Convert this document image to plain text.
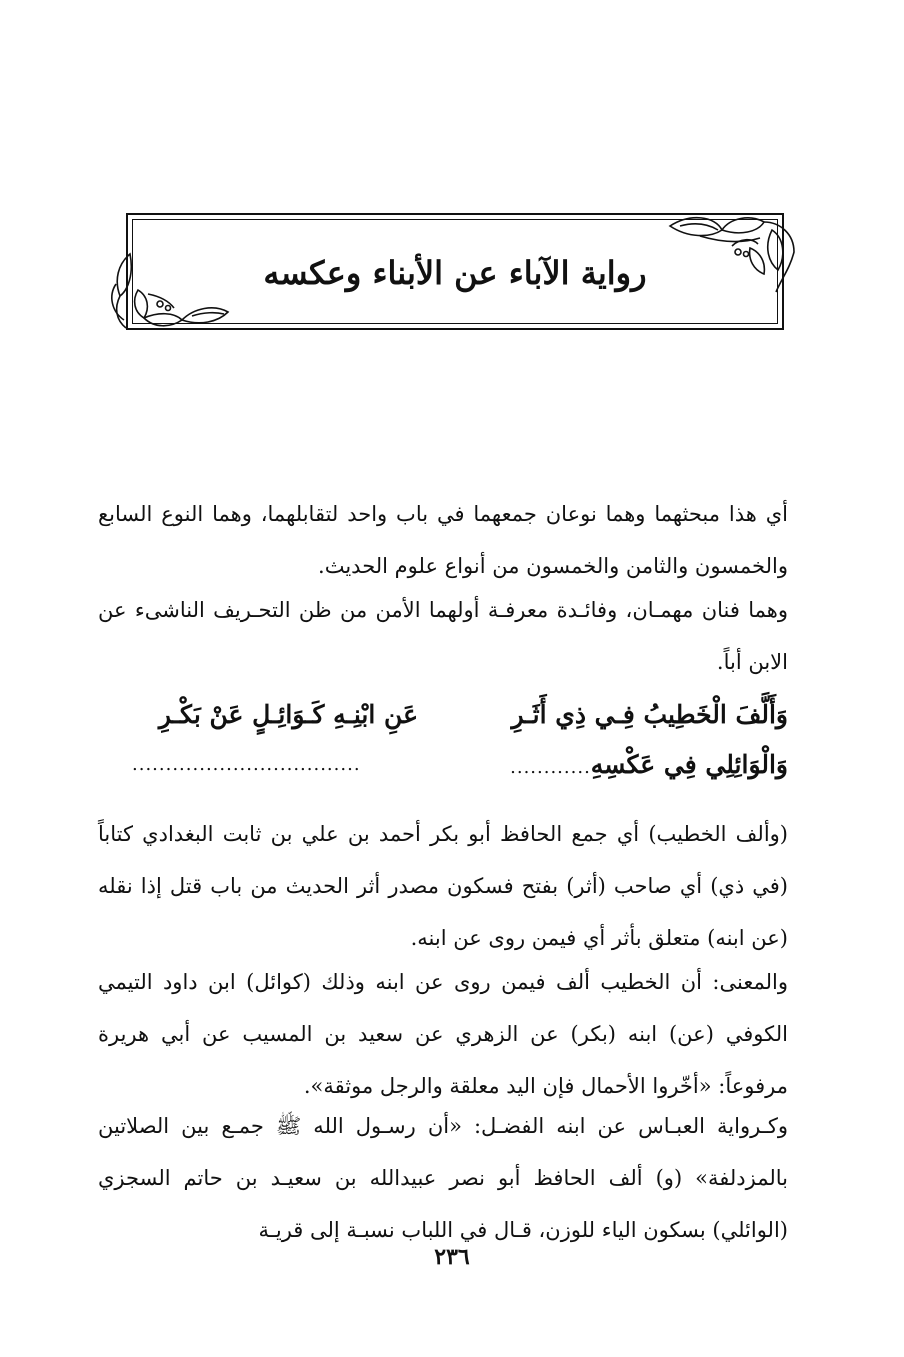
رواية الآباء عن الأبناء وعكسه
أي هذا مبحثهما وهما نوعان جمعهما في باب واحد لتقابلهما، وهما النوع السابع والخمسون والثامن والخمسون من أنواع علوم الحديث.
وهما فنان مهمـان، وفائـدة معرفـة أولهما الأمن من ظن التحـريف الناشىء عن الابن أباً.
وَأَلَّفَ الْخَطِيبُ فِـي ذِي أَثَـرِ
عَنِ ابْنِـهِ كَـوَائِـلٍ عَنْ بَكْـرِ
وَالْوَائِلِي فِي عَكْسِهِ............
..................................
(وألف الخطيب) أي جمع الحافظ أبو بكر أحمد بن علي بن ثابت البغدادي كتاباً (في ذي) أي صاحب (أثر) بفتح فسكون مصدر أثر الحديث من باب قتل إذا نقله (عن ابنه) متعلق بأثر أي فيمن روى عن ابنه.
والمعنى: أن الخطيب ألف فيمن روى عن ابنه وذلك (كوائل) ابن داود التيمي الكوفي (عن) ابنه (بكر) عن الزهري عن سعيد بن المسيب عن أبي هريرة مرفوعاً: «أخّروا الأحمال فإن اليد معلقة والرجل موثقة».
وكـرواية العبـاس عن ابنه الفضـل: «أن رسـول الله ﷺ جمـع بين الصلاتين بالمزدلفة» (و) ألف الحافظ أبو نصر عبيدالله بن سعيـد بن حاتم السجزي (الوائلي) بسكون الياء للوزن، قـال في اللباب نسبـة إلى قريـة
٢٣٦
